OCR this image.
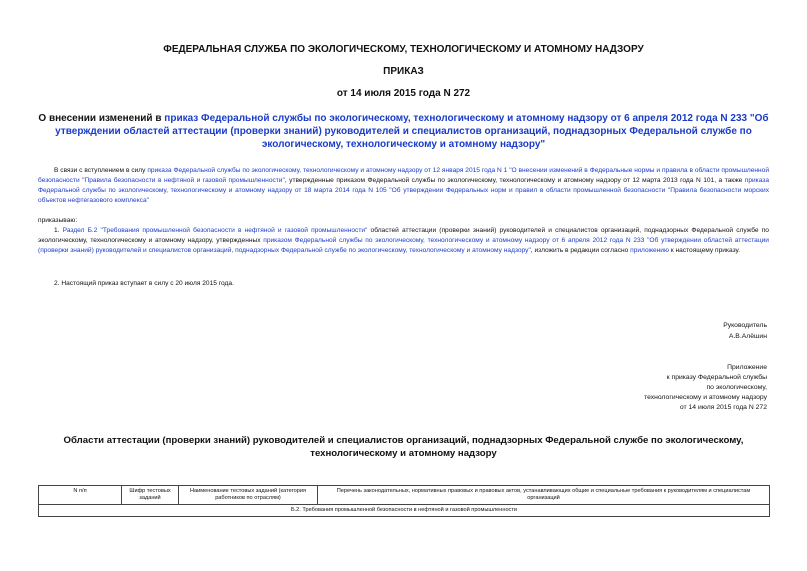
ФЕДЕРАЛЬНАЯ СЛУЖБА ПО ЭКОЛОГИЧЕСКОМУ, ТЕХНОЛОГИЧЕСКОМУ И АТОМНОМУ НАДЗОРУ
ПРИКАЗ
от 14 июля 2015 года N 272
О внесении изменений в приказ Федеральной службы по экологическому, технологическому и атомному надзору от 6 апреля 2012 года N 233 "Об утверждении областей аттестации (проверки знаний) руководителей и специалистов организаций, поднадзорных Федеральной службе по экологическому, технологическому и атомному надзору"
В связи с вступлением в силу приказа Федеральной службы по экологическому, технологическому и атомному надзору от 12 января 2015 года N 1 "О внесении изменений в Федеральные нормы и правила в области промышленной безопасности "Правила безопасности в нефтяной и газовой промышленности", утвержденные приказом Федеральной службы по экологическому, технологическому и атомному надзору от 12 марта 2013 года N 101, а также приказа Федеральной службы по экологическому, технологическому и атомному надзору от 18 марта 2014 года N 105 "Об утверждении Федеральных норм и правил в области промышленной безопасности "Правила безопасности морских объектов нефтегазового комплекса"
приказываю:
1. Раздел Б.2 "Требования промышленной безопасности в нефтяной и газовой промышленности" областей аттестации (проверки знаний) руководителей и специалистов организаций, поднадзорных Федеральной службе по экологическому, технологическому и атомному надзору, утвержденных приказом Федеральной службы по экологическому, технологическому и атомному надзору от 6 апреля 2012 года N 233 "Об утверждении областей аттестации (проверки знаний) руководителей и специалистов организаций, поднадзорных Федеральной службе по экологическому, технологическому и атомному надзору", изложить в редакции согласно приложению к настоящему приказу.
2. Настоящий приказ вступает в силу с 20 июля 2015 года.
Руководитель
А.В.Алёшин
Приложение
к приказу Федеральной службы
по экологическому,
технологическому и атомному надзору
от 14 июля 2015 года N 272
Области аттестации (проверки знаний) руководителей и специалистов организаций, поднадзорных Федеральной службе по экологическому, технологическому и атомному надзору
N п/п	Шифр тестовых заданий	Наименование тестовых заданий (категория работников по отраслям)	Перечень законодательных, нормативных правовых и правовых актов, устанавливающих общие и специальные требования к руководителям и специалистам организаций
Б.2. Требования промышленной безопасности в нефтяной и газовой промышленности
